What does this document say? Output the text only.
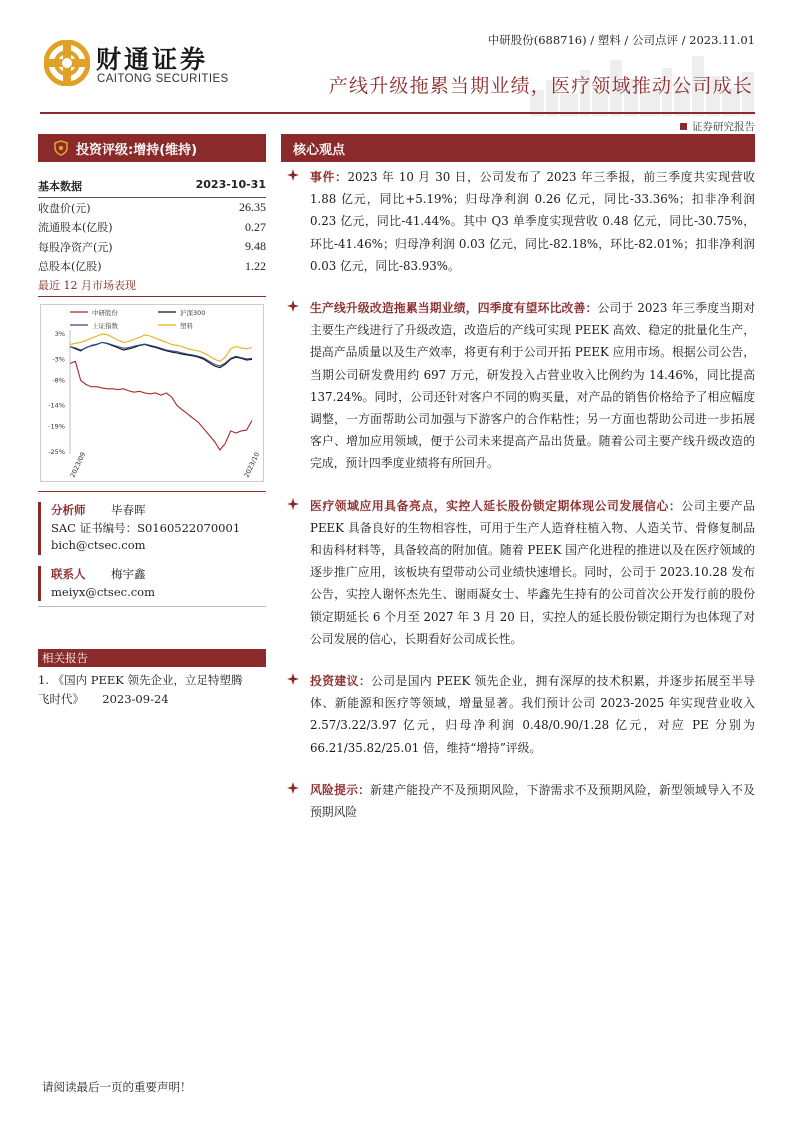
财通证券
CAITONG SECURITIES
中研股份(688716) / 塑料 / 公司点评 / 2023.11.01
产线升级拖累当期业绩，医疗领域推动公司成长
证券研究报告
投资评级:增持(维持)	核心观点
基本数据	2023-10-31
收盘价(元)	26.35
流通股本(亿股)	0.27
每股净资产(元)	9.48
总股本(亿股)	1.22
最近 12 月市场表现
中研股份	沪深300
上证指数	塑料
3%
-3%
-8%
-14%
-19%
-25% 2023/09	2023/10
分析师 毕春晖
SAC 证书编号：S0160522070001
bich@ctsec.com
联系人 梅宇鑫
meiyx@ctsec.com
相关报告
1. 《国内 PEEK 领先企业，立足特塑腾
飞时代》 2023-09-24
事件：2023 年 10 月 30 日，公司发布了 2023 年三季报，前三季度共实现营收 1.88 亿元，同比+5.19%；归母净利润 0.26 亿元，同比-33.36%；扣非净利润 0.23 亿元，同比-41.44%。其中 Q3 单季度实现营收 0.48 亿元，同比-30.75%，环比-41.46%；归母净利润 0.03 亿元，同比-82.18%，环比-82.01%；扣非净利润 0.03 亿元，同比-83.93%。
生产线升级改造拖累当期业绩，四季度有望环比改善：公司于 2023 年三季度当期对主要生产线进行了升级改造，改造后的产线可实现 PEEK 高效、稳定的批量化生产，提高产品质量以及生产效率，将更有利于公司开拓 PEEK 应用市场。根据公司公告，当期公司研发费用约 697 万元，研发投入占营业收入比例约为 14.46%，同比提高 137.24%。同时，公司还针对客户不同的购买量，对产品的销售价格给予了相应幅度调整，一方面帮助公司加强与下游客户的合作粘性；另一方面也帮助公司进一步拓展客户、增加应用领域，便于公司未来提高产品出货量。随着公司主要产线升级改造的完成，预计四季度业绩将有所回升。
医疗领域应用具备亮点，实控人延长股份锁定期体现公司发展信心：公司主要产品 PEEK 具备良好的生物相容性，可用于生产人造脊柱植入物、人造关节、骨修复制品和齿科材料等，具备较高的附加值。随着 PEEK 国产化进程的推进以及在医疗领域的逐步推广应用，该板块有望带动公司业绩快速增长。同时，公司于 2023.10.28 发布公告，实控人谢怀杰先生、谢雨凝女士、毕鑫先生持有的公司首次公开发行前的股份锁定期延长 6 个月至 2027 年 3 月 20 日，实控人的延长股份锁定期行为也体现了对公司发展的信心，长期看好公司成长性。
投资建议：公司是国内 PEEK 领先企业，拥有深厚的技术积累，并逐步拓展至半导体、新能源和医疗等领域，增量显著。我们预计公司 2023-2025 年实现营业收入 2.57/3.22/3.97 亿元，归母净利润 0.48/0.90/1.28 亿元，对应 PE 分别为 66.21/35.82/25.01 倍，维持“增持”评级。
风险提示：新建产能投产不及预期风险，下游需求不及预期风险，新型领域导入不及预期风险
请阅读最后一页的重要声明！
